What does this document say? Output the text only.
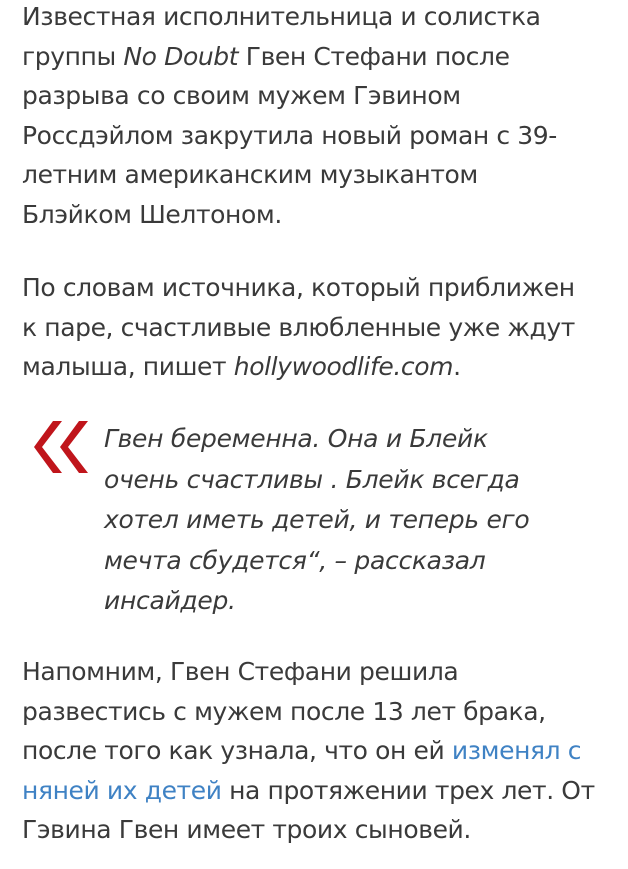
Известная исполнительница и солистка
группы No Doubt Гвен Стефани после
разрыва со своим мужем Гэвином
Россдэйлом закрутила новый роман с 39-
летним американским музыкантом
Блэйком Шелтоном.

По словам источника, который приближен
к паре, счастливые влюбленные уже ждут
малыша, пишет hollywoodlife.com.

Гвен беременна. Она и Блейк
очень счастливы . Блейк всегда
хотел иметь детей, и теперь его
мечта сбудется“, – рассказал
инсайдер.

Напомним, Гвен Стефани решила
развестись с мужем после 13 лет брака,
после того как узнала, что он ей изменял с
няней их детей на протяжении трех лет. От
Гэвина Гвен имеет троих сыновей.
